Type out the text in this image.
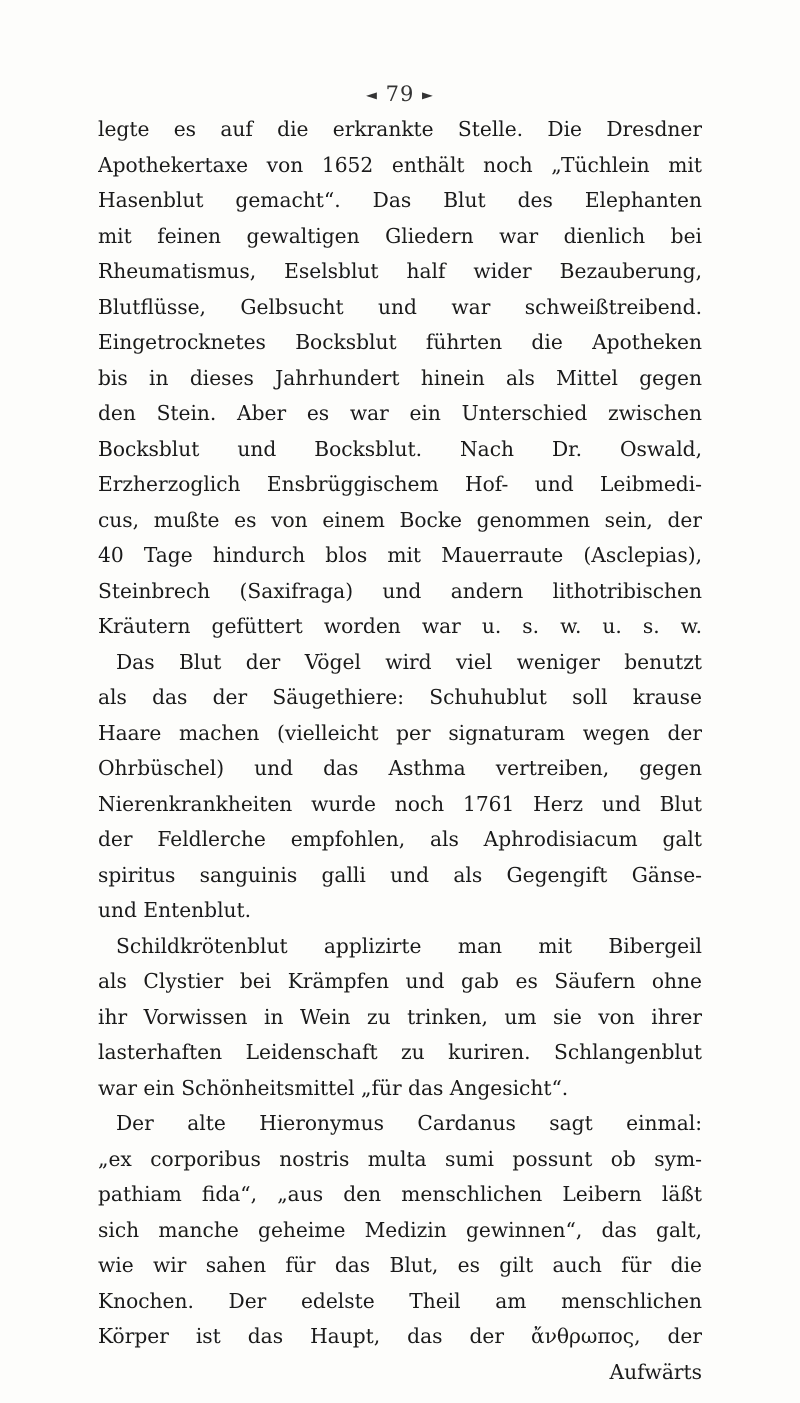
◄ 79 ►
legte es auf die erkrankte Stelle. Die Dresdner
Apothekertaxe von 1652 enthält noch „Tüchlein mit
Hasenblut gemacht“. Das Blut des Elephanten
mit feinen gewaltigen Gliedern war dienlich bei
Rheumatismus, Eselsblut half wider Bezauberung,
Blutflüsse, Gelbsucht und war schweißtreibend.
Eingetrocknetes Bocksblut führten die Apotheken
bis in dieses Jahrhundert hinein als Mittel gegen
den Stein. Aber es war ein Unterschied zwischen
Bocksblut und Bocksblut. Nach Dr. Oswald,
Erzherzoglich Ensbrüggischem Hof- und Leibmedi-
cus, mußte es von einem Bocke genommen sein, der
40 Tage hindurch blos mit Mauerraute (Asclepias),
Steinbrech (Saxifraga) und andern lithotribischen
Kräutern gefüttert worden war u. s. w. u. s. w.
Das Blut der Vögel wird viel weniger benutzt
als das der Säugethiere: Schuhublut soll krause
Haare machen (vielleicht per signaturam wegen der
Ohrbüschel) und das Asthma vertreiben, gegen
Nierenkrankheiten wurde noch 1761 Herz und Blut
der Feldlerche empfohlen, als Aphrodisiacum galt
spiritus sanguinis galli und als Gegengift Gänse-
und Entenblut.
Schildkrötenblut applizirte man mit Bibergeil
als Clystier bei Krämpfen und gab es Säufern ohne
ihr Vorwissen in Wein zu trinken, um sie von ihrer
lasterhaften Leidenschaft zu kuriren. Schlangenblut
war ein Schönheitsmittel „für das Angesicht“.
Der alte Hieronymus Cardanus sagt einmal:
„ex corporibus nostris multa sumi possunt ob sym-
pathiam fida“, „aus den menschlichen Leibern läßt
sich manche geheime Medizin gewinnen“, das galt,
wie wir sahen für das Blut, es gilt auch für die
Knochen. Der edelste Theil am menschlichen
Körper ist das Haupt, das der ἄνθρωπος, der
Aufwärts
